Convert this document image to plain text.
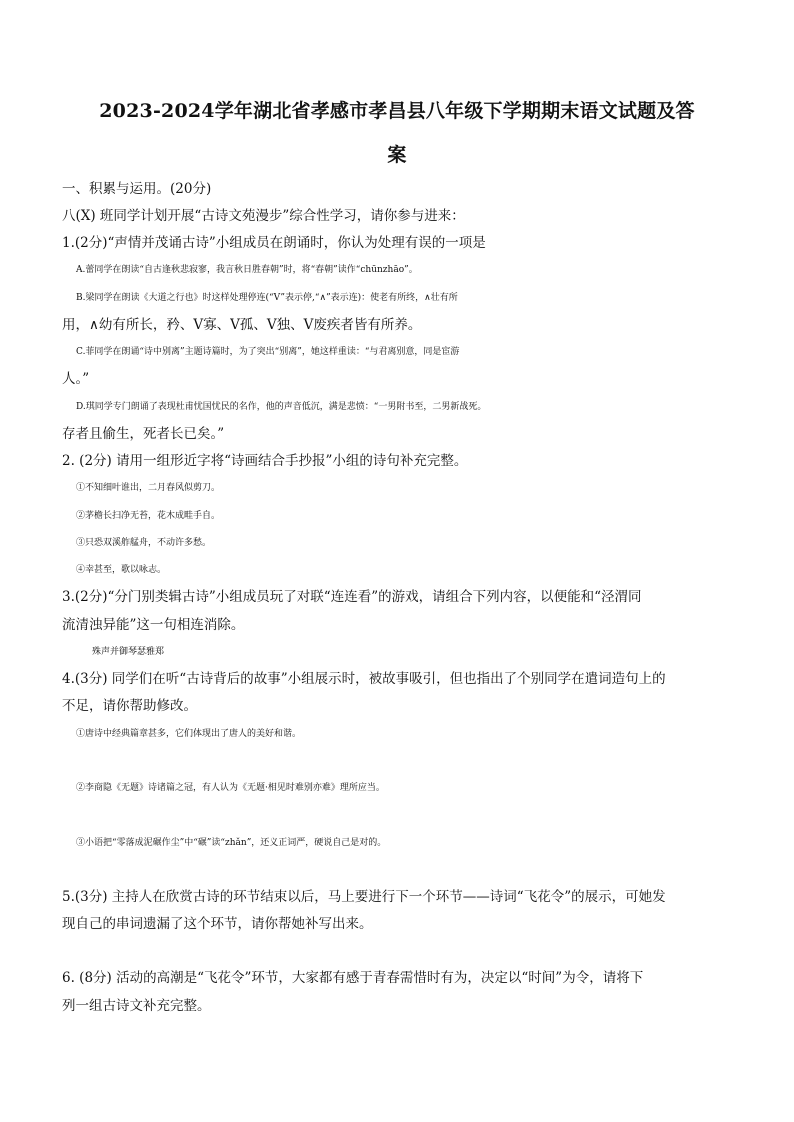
2023-2024学年湖北省孝感市孝昌县八年级下学期期末语文试题及答
案
一、积累与运用。(20分)
八(X) 班同学计划开展“古诗文苑漫步”综合性学习，请你参与进来：
1.(2分)“声情并茂诵古诗”小组成员在朗诵时，你认为处理有误的一项是
A.蕾同学在朗读“自古逢秋悲寂寥，我言秋日胜春朝”时，将“春朝”读作“chūnzhāo”。
B.梁同学在朗读《大道之行也》时这样处理停连(“V”表示停,“∧”表示连)：使老有所终，∧壮有所
用，∧幼有所长，矜、V寡、V孤、V独、V废疾者皆有所养。
C.菲同学在朗诵“诗中别离”主题诗篇时，为了突出“别离”，她这样重读：“与君离别意，同是宦游
人。”
D.琪同学专门朗诵了表现杜甫忧国忧民的名作，他的声音低沉，满是悲愤：“一男附书至，二男新战死。
存者且偷生，死者长已矣。”
2. (2分) 请用一组形近字将“诗画结合手抄报”小组的诗句补充完整。
①不知细叶谁出，二月春风似剪刀。
②茅檐长扫净无苔，花木成畦手自。
③只恐双溪舴艋舟，不动许多愁。
④幸甚至，歌以咏志。
3.(2分)“分门别类辑古诗”小组成员玩了对联“连连看”的游戏，请组合下列内容，以便能和“泾渭同
流清浊异能”这一句相连消除。
殊声并御琴瑟雅郑
4.(3分) 同学们在听“古诗背后的故事”小组展示时，被故事吸引，但也指出了个别同学在遣词造句上的
不足，请你帮助修改。
①唐诗中经典篇章甚多，它们体现出了唐人的美好和谐。
②李商隐《无题》诗诸篇之冠，有人认为《无题·相见时难别亦难》理所应当。
③小语把“零落成泥碾作尘”中“碾”读“zhǎn”，还义正词严，硬说自己是对的。
5.(3分) 主持人在欣赏古诗的环节结束以后，马上要进行下一个环节——诗词“飞花令”的展示，可她发
现自己的串词遗漏了这个环节，请你帮她补写出来。
6. (8分) 活动的高潮是“飞花令”环节，大家都有感于青春需惜时有为，决定以“时间”为令，请将下
列一组古诗文补充完整。
